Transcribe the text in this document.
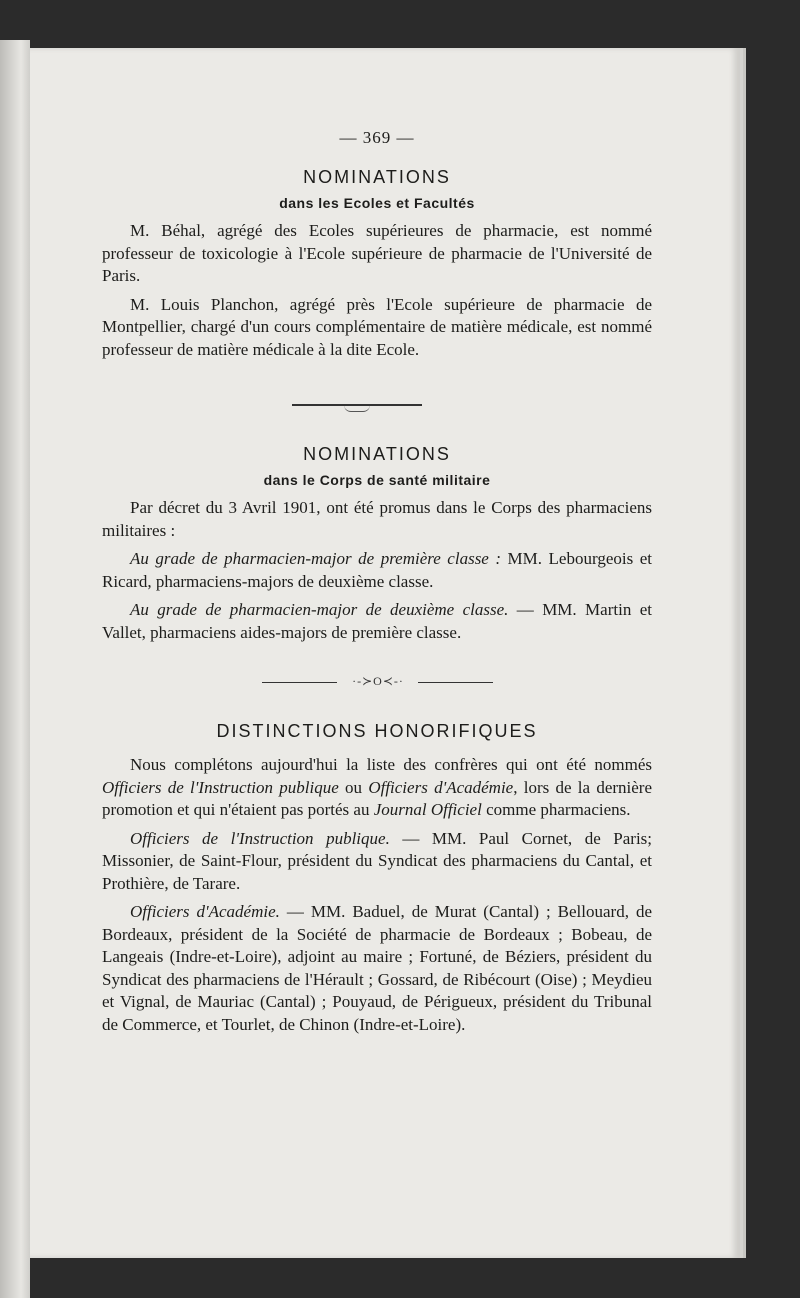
— 369 —
NOMINATIONS
dans les Ecoles et Facultés

M. Béhal, agrégé des Ecoles supérieures de pharmacie, est nommé professeur de toxicologie à l'Ecole supérieure de pharmacie de l'Université de Paris.

M. Louis Planchon, agrégé près l'Ecole supérieure de pharmacie de Montpellier, chargé d'un cours complémentaire de matière médicale, est nommé professeur de matière médicale à la dite Ecole.

NOMINATIONS
dans le Corps de santé militaire

Par décret du 3 Avril 1901, ont été promus dans le Corps des pharmaciens militaires :

Au grade de pharmacien-major de première classe : MM. Lebourgeois et Ricard, pharmaciens-majors de deuxième classe.

Au grade de pharmacien-major de deuxième classe. — MM. Martin et Vallet, pharmaciens aides-majors de première classe.

·-≻O≺-·
DISTINCTIONS HONORIFIQUES

Nous complétons aujourd'hui la liste des confrères qui ont été nommés Officiers de l'Instruction publique ou Officiers d'Académie, lors de la dernière promotion et qui n'étaient pas portés au Journal Officiel comme pharmaciens.

Officiers de l'Instruction publique. — MM. Paul Cornet, de Paris; Missonier, de Saint-Flour, président du Syndicat des pharmaciens du Cantal, et Prothière, de Tarare.

Officiers d'Académie. — MM. Baduel, de Murat (Cantal) ; Bellouard, de Bordeaux, président de la Société de pharmacie de Bordeaux ; Bobeau, de Langeais (Indre-et-Loire), adjoint au maire ; Fortuné, de Béziers, président du Syndicat des pharmaciens de l'Hérault ; Gossard, de Ribécourt (Oise) ; Meydieu et Vignal, de Mauriac (Cantal) ; Pouyaud, de Périgueux, président du Tribunal de Commerce, et Tourlet, de Chinon (Indre-et-Loire).
